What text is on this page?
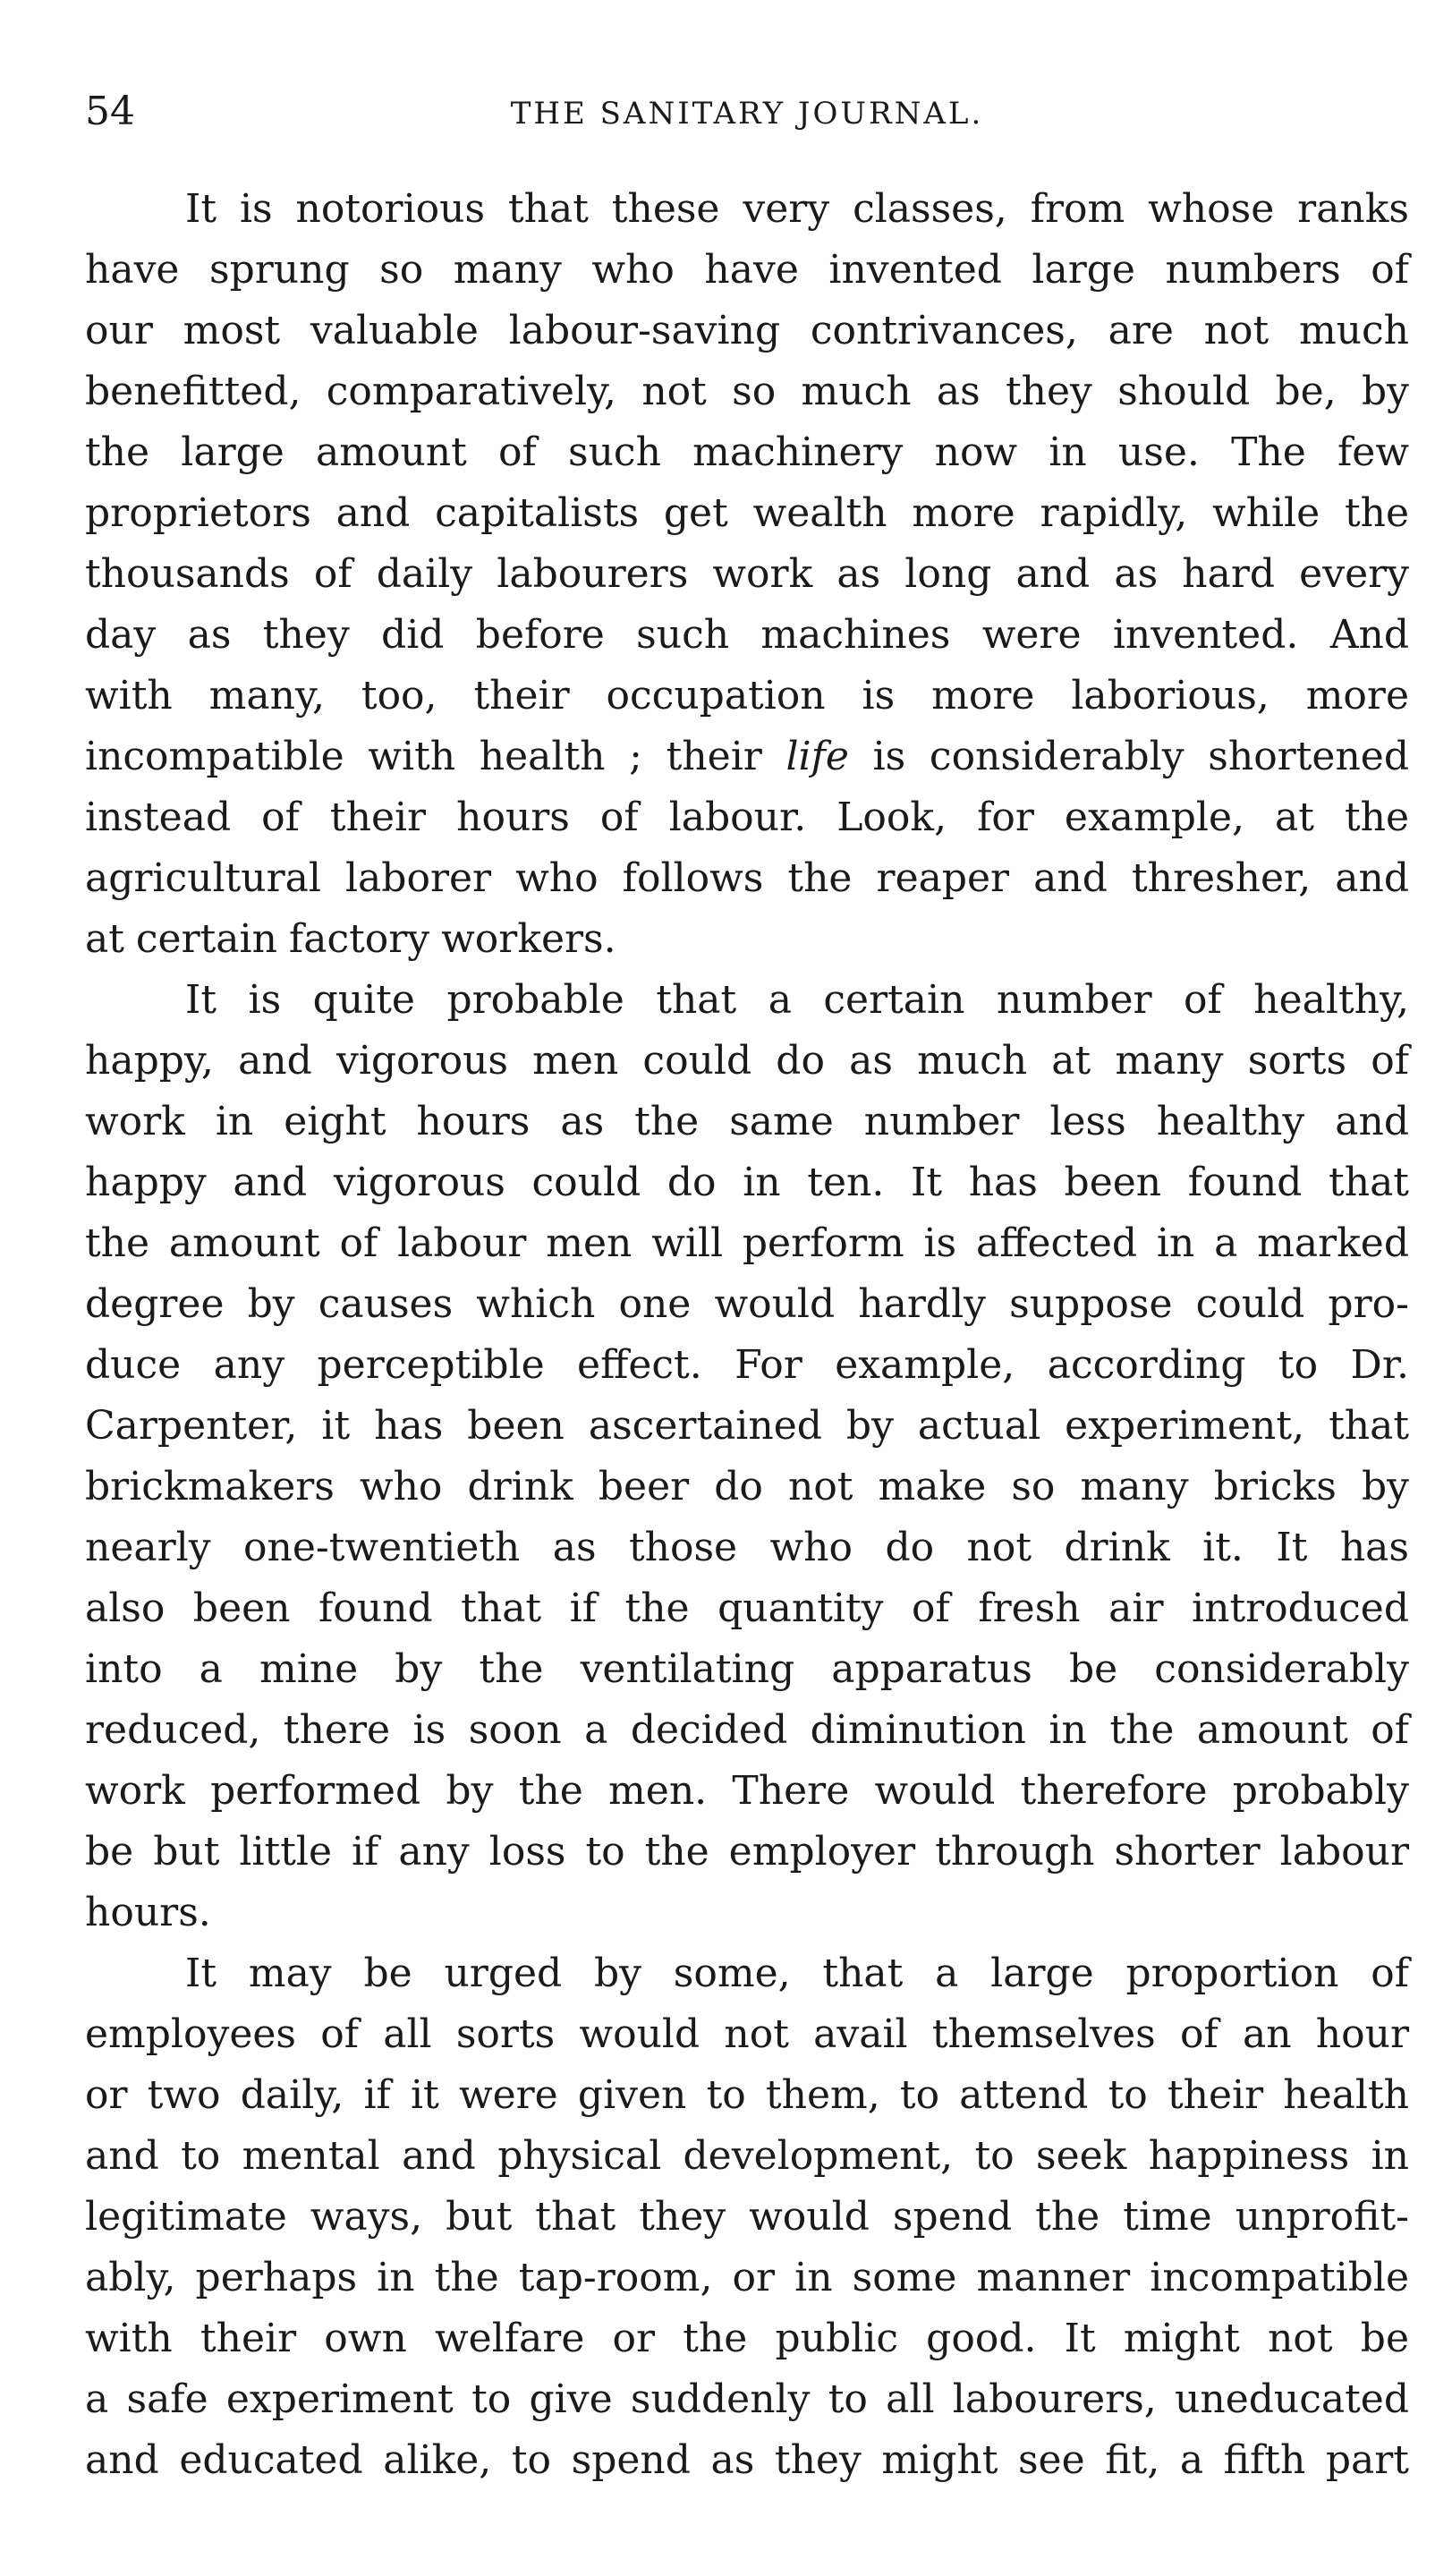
54	THE SANITARY JOURNAL.
It is notorious that these very classes, from whose ranks
have sprung so many who have invented large numbers of
our most valuable labour-saving contrivances, are not much
benefitted, comparatively, not so much as they should be, by
the large amount of such machinery now in use. The few
proprietors and capitalists get wealth more rapidly, while the
thousands of daily labourers work as long and as hard every
day as they did before such machines were invented. And
with many, too, their occupation is more laborious, more
incompatible with health ; their life is considerably shortened
instead of their hours of labour. Look, for example, at the
agricultural laborer who follows the reaper and thresher, and
at certain factory workers.
It is quite probable that a certain number of healthy,
happy, and vigorous men could do as much at many sorts of
work in eight hours as the same number less healthy and
happy and vigorous could do in ten. It has been found that
the amount of labour men will perform is affected in a marked
degree by causes which one would hardly suppose could pro-
duce any perceptible effect. For example, according to Dr.
Carpenter, it has been ascertained by actual experiment, that
brickmakers who drink beer do not make so many bricks by
nearly one-twentieth as those who do not drink it. It has
also been found that if the quantity of fresh air introduced
into a mine by the ventilating apparatus be considerably
reduced, there is soon a decided diminution in the amount of
work performed by the men. There would therefore probably
be but little if any loss to the employer through shorter labour
hours.
It may be urged by some, that a large proportion of
employees of all sorts would not avail themselves of an hour
or two daily, if it were given to them, to attend to their health
and to mental and physical development, to seek happiness in
legitimate ways, but that they would spend the time unprofit-
ably, perhaps in the tap-room, or in some manner incompatible
with their own welfare or the public good. It might not be
a safe experiment to give suddenly to all labourers, uneducated
and educated alike, to spend as they might see fit, a fifth part
